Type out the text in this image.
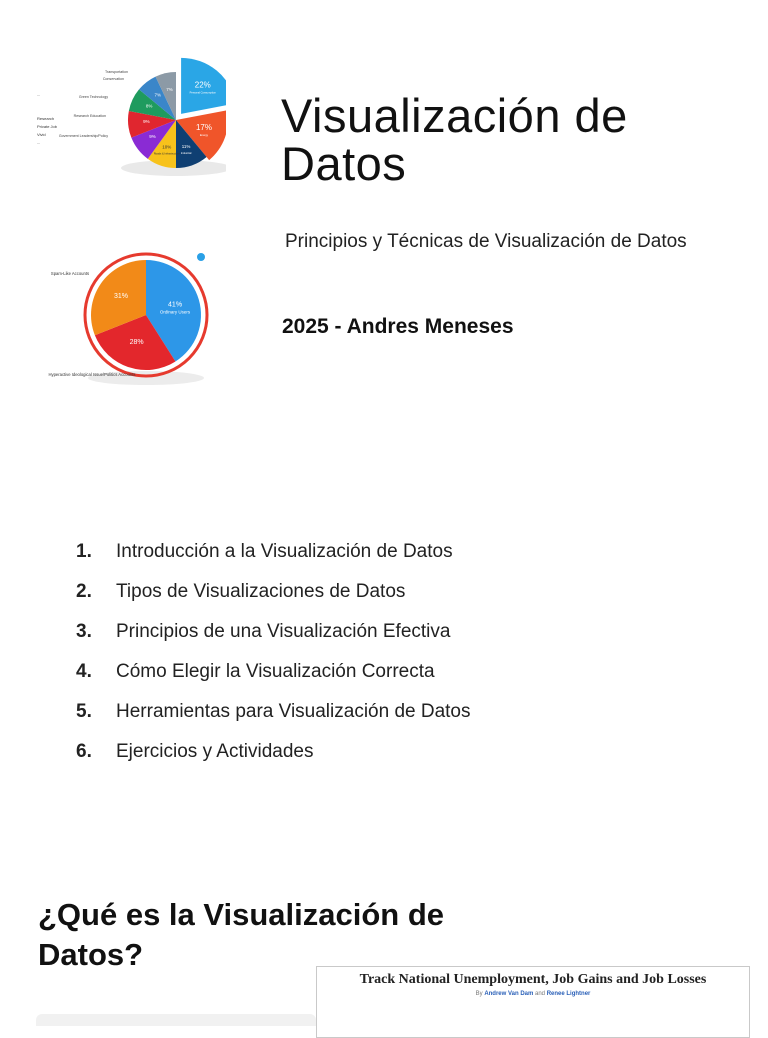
22%
Personal Consumption
17%
Energy
11%
Industrial
10%
Roads & Infrastructure
9%
9%
8%
7%
7%
Transportation
Conservation
Green Technology
Research Education
Government Leadership/Policy
...
Research
Private Job
Vivid
...
41%
Ordinary Users
28%
31%
Spam-Like Accounts
Hyperactive Ideological Issue/Politics Accounts
Visualización de Datos
Principios y Técnicas de Visualización de Datos
2025 - Andres Meneses
1.	Introducción a la Visualización de Datos
2.	Tipos de Visualizaciones de Datos
3.	Principios de una Visualización Efectiva
4.	Cómo Elegir la Visualización Correcta
5.	Herramientas para Visualización de Datos
6.	Ejercicios y Actividades
¿Qué es la Visualización de Datos?
Track National Unemployment, Job Gains and Job Losses
By Andrew Van Dam and Renee Lightner
